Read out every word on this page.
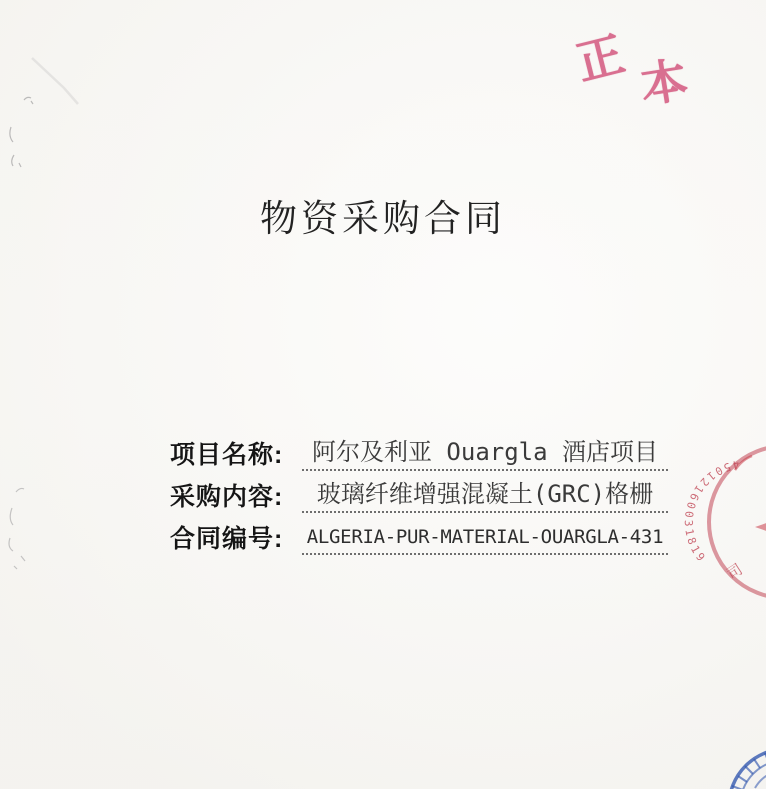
正 本
物资采购合同
项目名称:	阿尔及利亚 Ouargla 酒店项目
采购内容:	玻璃纤维增强混凝土(GRC)格栅
合同编号:	ALGERIA-PUR-MATERIAL-OUARGLA-431
45012160031819
司
